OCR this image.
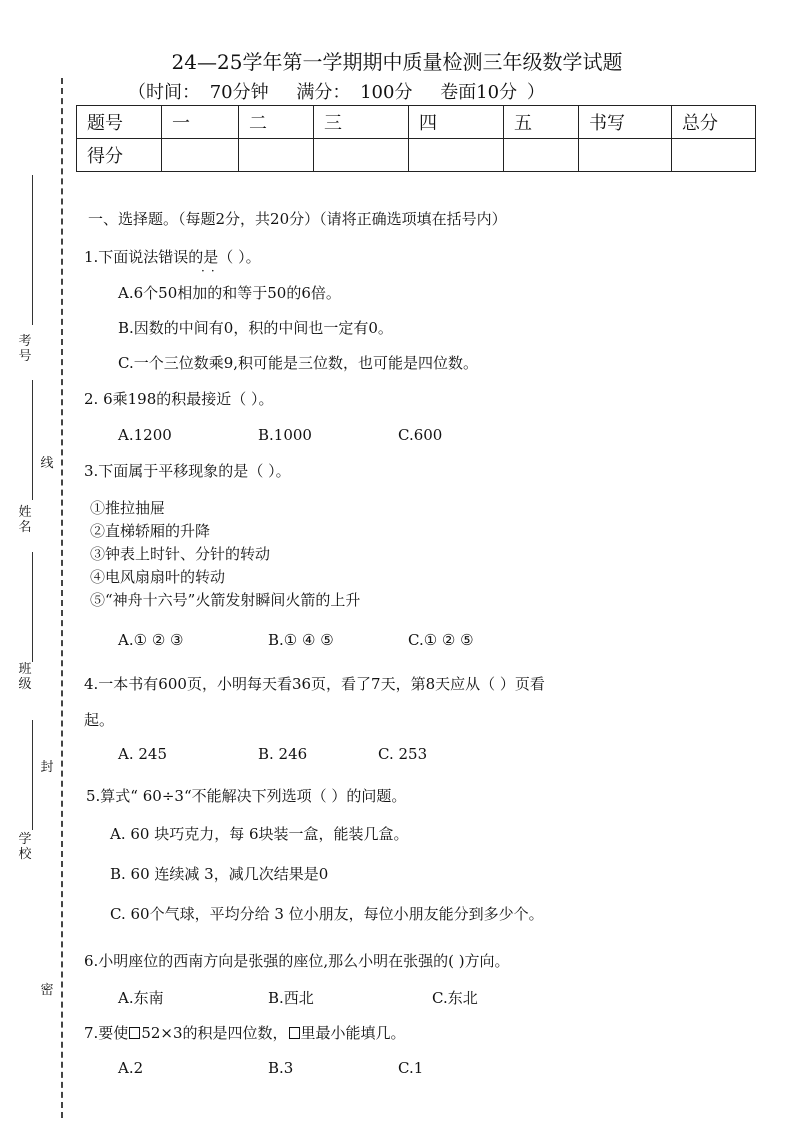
24—25学年第一学期期中质量检测三年级数学试题
（时间： 70分钟 满分： 100分 卷面10分 ）
题号	一	二	三	四	五	书写	总分
得分							
考号
姓名
班级
学校
线
封
密
一、选择题。（每题2分，共20分）（请将正确选项填在括号内）
1.下面说法错误的是（ ）。
··
A.6个50相加的和等于50的6倍。
B.因数的中间有0，积的中间也一定有0。
C.一个三位数乘9,积可能是三位数，也可能是四位数。
2. 6乘198的积最接近（ ）。
A.1200	B.1000	C.600
3.下面属于平移现象的是（ ）。
①推拉抽屉
②直梯轿厢的升降
③钟表上时针、分针的转动
④电风扇扇叶的转动
⑤“神舟十六号”火箭发射瞬间火箭的上升
A.① ② ③	B.① ④ ⑤	C.① ② ⑤
4.一本书有600页，小明每天看36页，看了7天，第8天应从（ ）页看
起。
A. 245	B. 246	C. 253
5.算式“ 60÷3“不能解决下列选项（ ）的问题。
A. 60 块巧克力，每 6块装一盒，能装几盒。
B. 60 连续减 3，减几次结果是0
C. 60个气球，平均分给 3 位小朋友，每位小朋友能分到多少个。
6.小明座位的西南方向是张强的座位,那么小明在张强的( )方向。
A.东南	B.西北	C.东北
7.要使 52×3的积是四位数， 里最小能填几。
A.2	B.3	C.1
